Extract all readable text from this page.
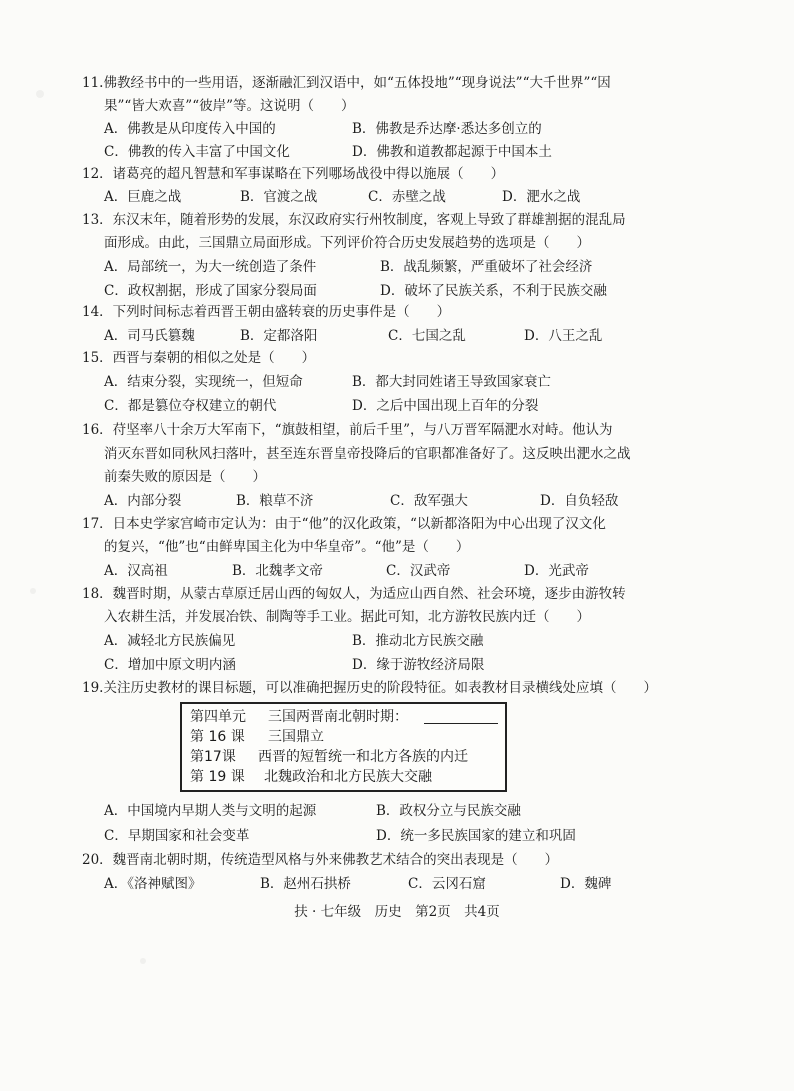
11.佛教经书中的一些用语，逐渐融汇到汉语中，如“五体投地”“现身说法”“大千世界”“因
果”“皆大欢喜”“彼岸”等。这说明（　　）
A．佛教是从印度传入中国的	B．佛教是乔达摩·悉达多创立的
C．佛教的传入丰富了中国文化	D．佛教和道教都起源于中国本土
12．诸葛亮的超凡智慧和军事谋略在下列哪场战役中得以施展（　　）
A．巨鹿之战	B．官渡之战	C．赤壁之战	D．淝水之战
13．东汉末年，随着形势的发展，东汉政府实行州牧制度，客观上导致了群雄割据的混乱局
面形成。由此，三国鼎立局面形成。下列评价符合历史发展趋势的选项是（　　）
A．局部统一，为大一统创造了条件	B．战乱频繁，严重破坏了社会经济
C．政权割据，形成了国家分裂局面	D．破坏了民族关系，不利于民族交融
14．下列时间标志着西晋王朝由盛转衰的历史事件是（　　）
A．司马氏篡魏	B．定都洛阳	C．七国之乱	D．八王之乱
15．西晋与秦朝的相似之处是（　　）
A．结束分裂，实现统一，但短命	B．都大封同姓诸王导致国家衰亡
C．都是篡位夺权建立的朝代	D．之后中国出现上百年的分裂
16．苻坚率八十余万大军南下，“旗鼓相望，前后千里”，与八万晋军隔淝水对峙。他认为
消灭东晋如同秋风扫落叶，甚至连东晋皇帝投降后的官职都准备好了。这反映出淝水之战
前秦失败的原因是（　　）
A．内部分裂	B．粮草不济	C．敌军强大	D．自负轻敌
17．日本史学家宫崎市定认为：由于“他”的汉化政策，“以新都洛阳为中心出现了汉文化
的复兴，“他”也“由鲜卑国主化为中华皇帝”。“他”是（　　）
A．汉高祖	B．北魏孝文帝	C．汉武帝	D．光武帝
18．魏晋时期，从蒙古草原迁居山西的匈奴人，为适应山西自然、社会环境，逐步由游牧转
入农耕生活，并发展冶铁、制陶等手工业。据此可知，北方游牧民族内迁（　　）
A．减轻北方民族偏见	B．推动北方民族交融
C．增加中原文明内涵	D．缘于游牧经济局限
19.关注历史教材的课目标题，可以准确把握历史的阶段特征。如表教材目录横线处应填（　　）
第四单元 三国两晋南北朝时期：
第 16 课 三国鼎立
第17课 西晋的短暂统一和北方各族的内迁
第 19 课 北魏政治和北方民族大交融
A．中国境内早期人类与文明的起源	B．政权分立与民族交融
C．早期国家和社会变革	D．统一多民族国家的建立和巩固
20．魏晋南北朝时期，传统造型风格与外来佛教艺术结合的突出表现是（　　）
A．《洛神赋图》	B．赵州石拱桥	C．云冈石窟	D．魏碑
扶 · 七年级　历史　第2页　共4页
